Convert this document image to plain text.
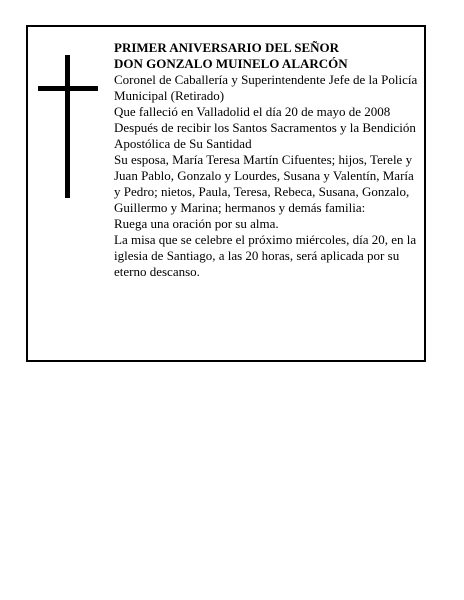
PRIMER ANIVERSARIO DEL SEÑOR

DON GONZALO MUINELO ALARCÓN

Coronel de Caballería y Superintendente Jefe de la Policía Municipal (Retirado)

Que falleció en Valladolid el día 20 de mayo de 2008

Después de recibir los Santos Sacramentos y la Bendición Apostólica de Su Santidad

Su esposa, María Teresa Martín Cifuentes; hijos, Terele y Juan Pablo, Gonzalo y Lourdes, Susana y Valentín, María y Pedro; nietos, Paula, Teresa, Rebeca, Susana, Gonzalo, Guillermo y Marina; hermanos y demás familia:

Ruega una oración por su alma.

La misa que se celebre el próximo miércoles, día 20, en la iglesia de Santiago, a las 20 horas, será aplicada por su eterno descanso.
